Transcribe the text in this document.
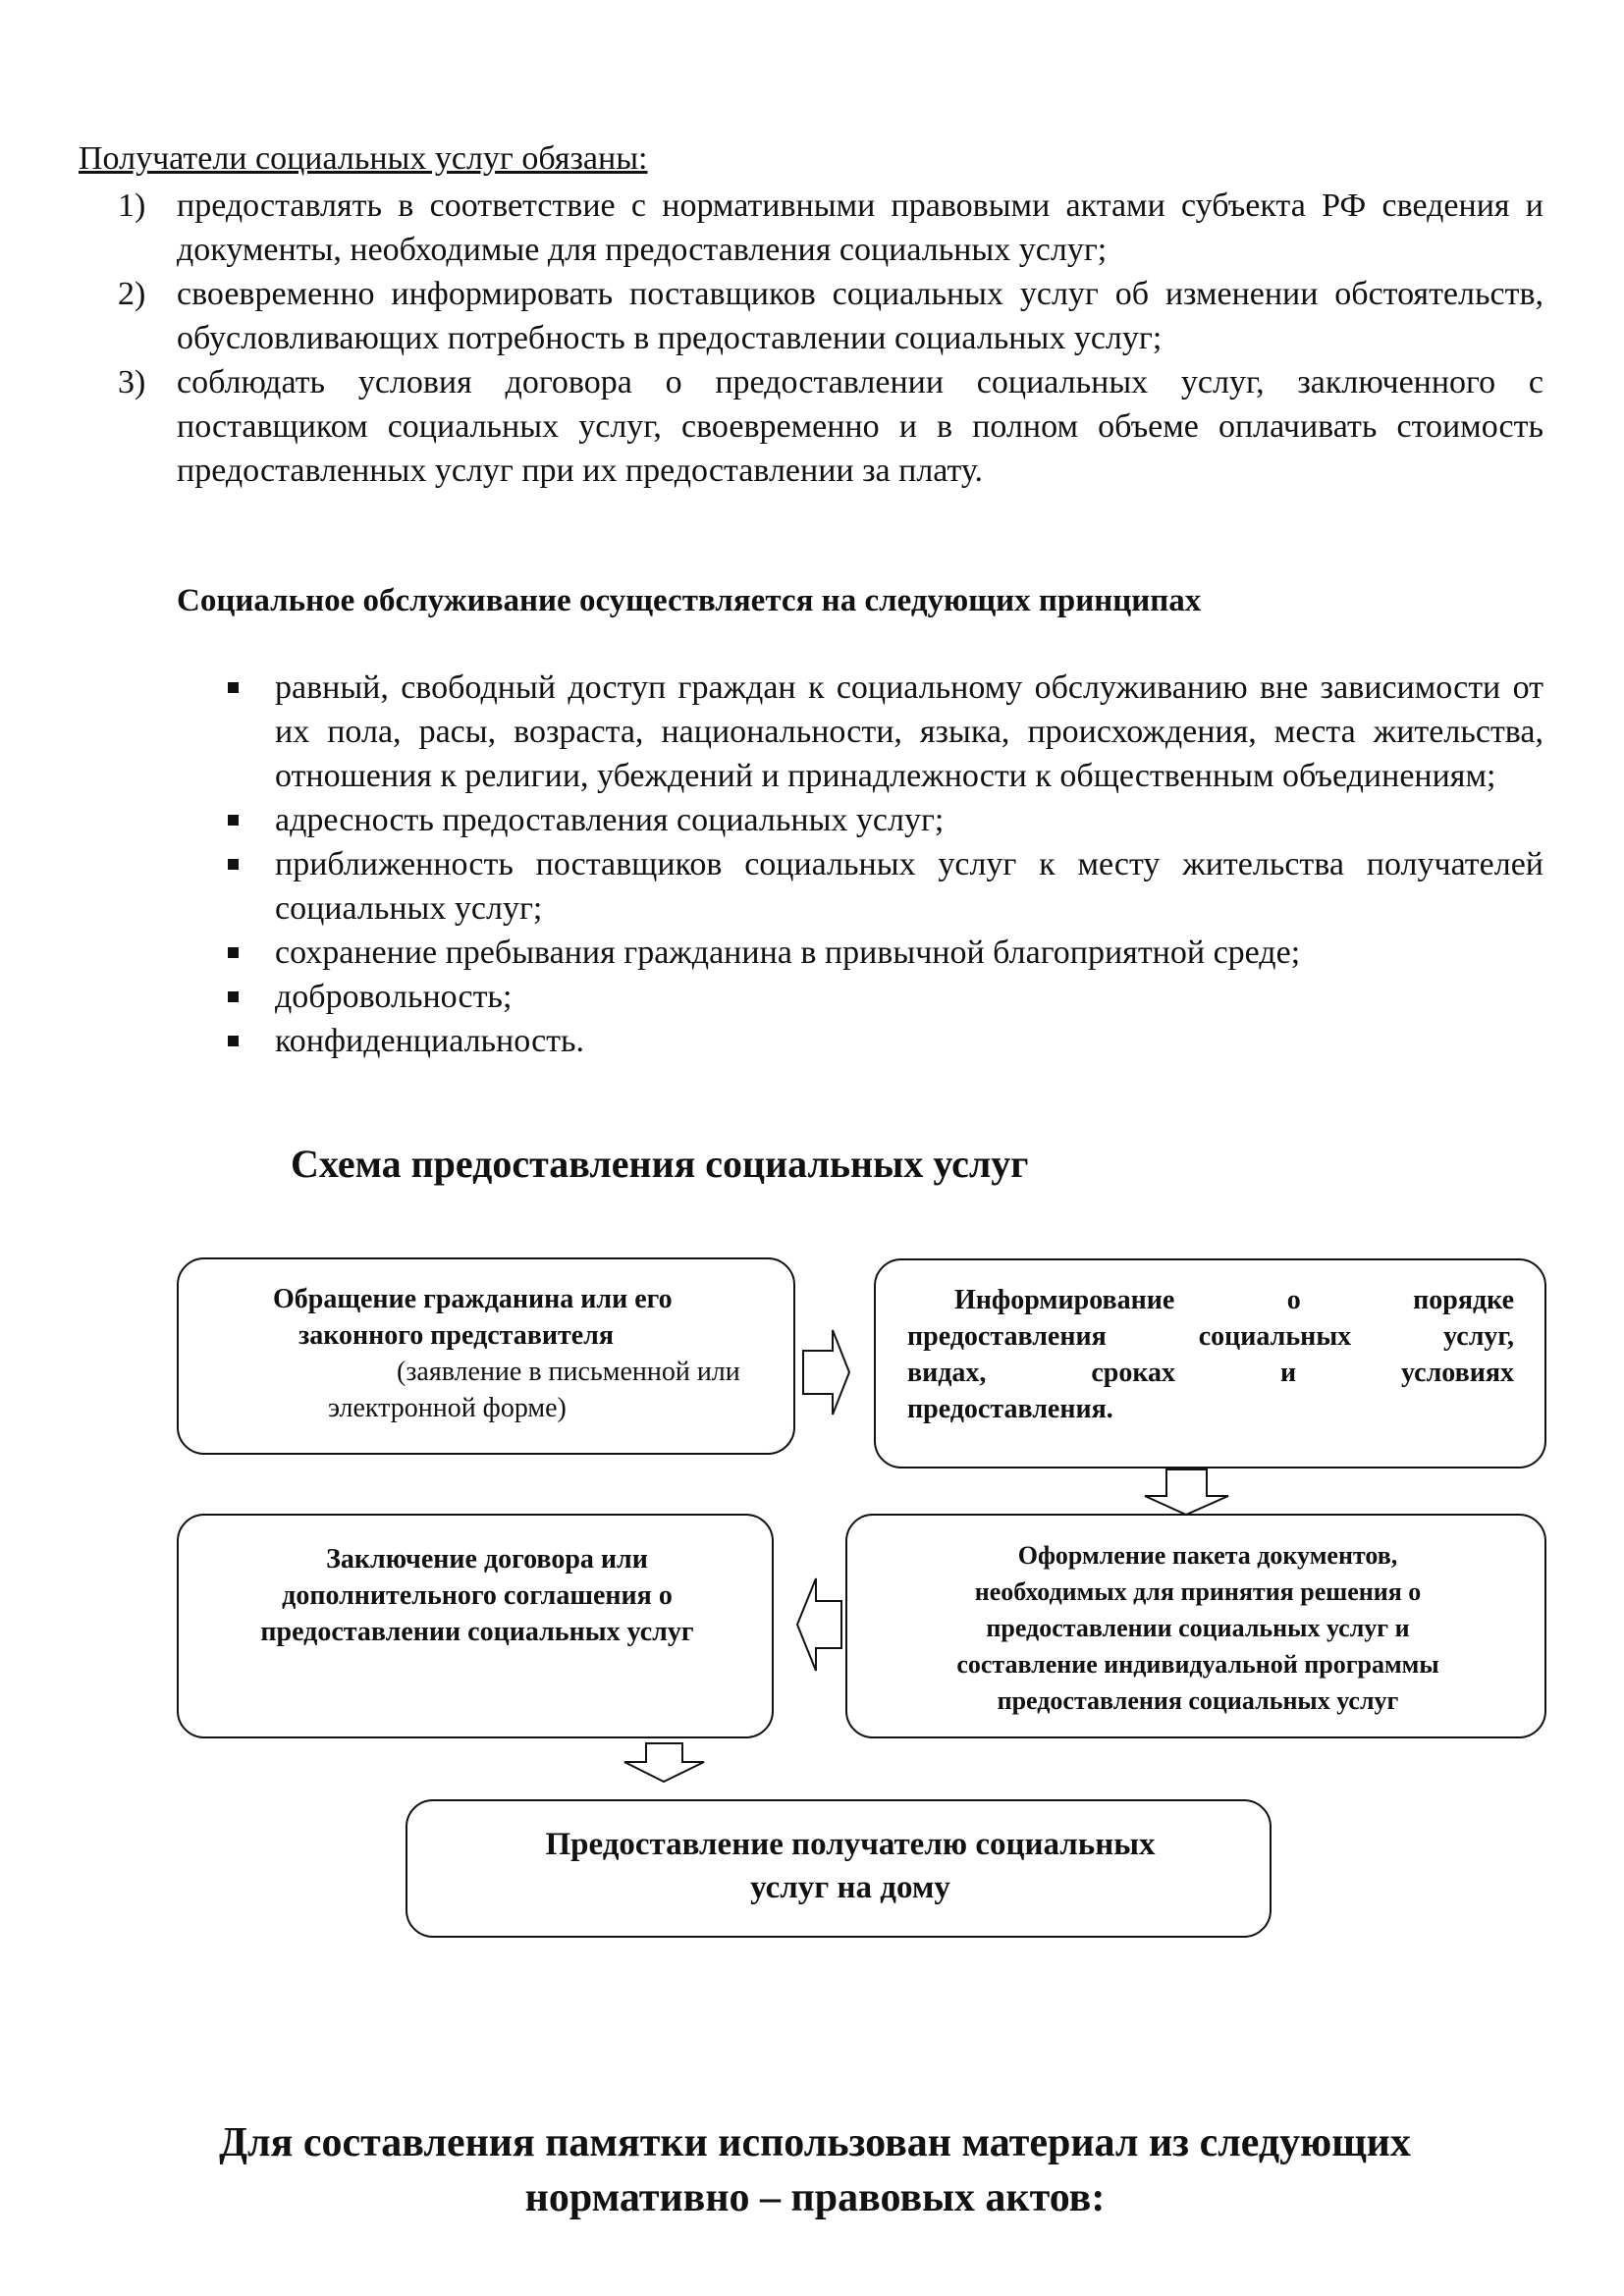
Получатели социальных услуг обязаны:
1) предоставлять в соответствие с нормативными правовыми актами субъекта РФ сведения и документы, необходимые для предоставления социальных услуг;
2) своевременно информировать поставщиков социальных услуг об изменении обстоятельств, обусловливающих потребность в предоставлении социальных услуг;
3) соблюдать условия договора о предоставлении социальных услуг, заключенного с поставщиком социальных услуг, своевременно и в полном объеме оплачивать стоимость предоставленных услуг при их предоставлении за плату.
Социальное обслуживание осуществляется на следующих принципах
равный, свободный доступ граждан к социальному обслуживанию вне зависимости от их пола, расы, возраста, национальности, языка, происхождения, места жительства, отношения к религии, убеждений и принадлежности к общественным объединениям;
адресность предоставления социальных услуг;
приближенность поставщиков социальных услуг к месту жительства получателей социальных услуг;
сохранение пребывания гражданина в привычной благоприятной среде;
добровольность;
конфиденциальность.
Схема предоставления социальных услуг
Обращение гражданина или его
законного представителя
(заявление в письменной или
электронной форме)
Информирование о порядке
предоставления социальных услуг,
видах, сроках и условиях
предоставления.
Заключение договора или
дополнительного соглашения о
предоставлении социальных услуг
Оформление пакета документов,
необходимых для принятия решения о
предоставлении социальных услуг и
составление индивидуальной программы
предоставления социальных услуг
Предоставление получателю социальных
услуг на дому
Для составления памятки использован материал из следующих
нормативно – правовых актов:
